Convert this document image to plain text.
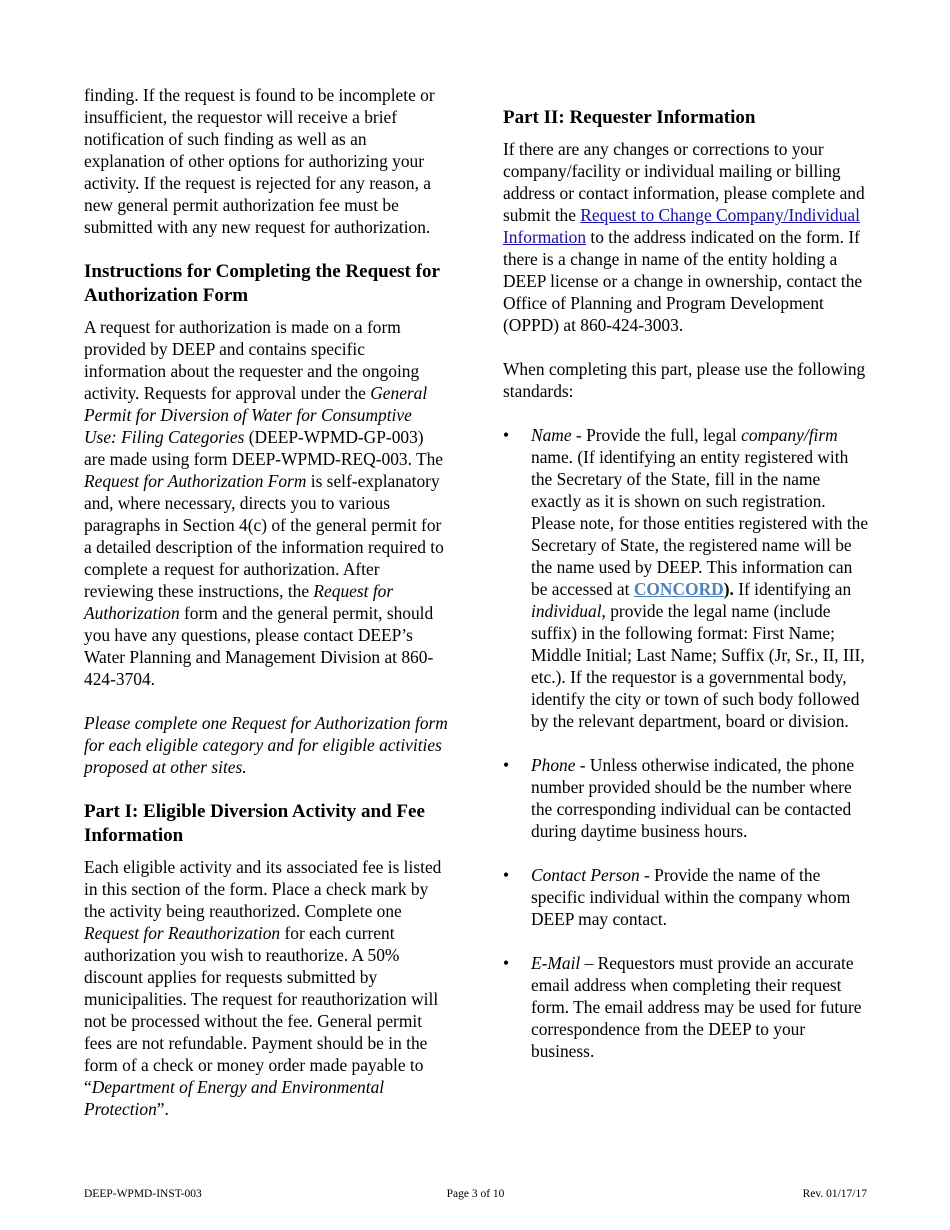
finding. If the request is found to be incomplete or insufficient, the requestor will receive a brief notification of such finding as well as an explanation of other options for authorizing your activity. If the request is rejected for any reason, a new general permit authorization fee must be submitted with any new request for authorization.

Instructions for Completing the Request for Authorization Form

A request for authorization is made on a form provided by DEEP and contains specific information about the requester and the ongoing activity. Requests for approval under the General Permit for Diversion of Water for Consumptive Use: Filing Categories (DEEP-WPMD-GP-003) are made using form DEEP-WPMD-REQ-003. The Request for Authorization Form is self-explanatory and, where necessary, directs you to various paragraphs in Section 4(c) of the general permit for a detailed description of the information required to complete a request for authorization. After reviewing these instructions, the Request for Authorization form and the general permit, should you have any questions, please contact DEEP’s Water Planning and Management Division at 860-424-3704.

Please complete one Request for Authorization form for each eligible category and for eligible activities proposed at other sites.

Part I: Eligible Diversion Activity and Fee Information

Each eligible activity and its associated fee is listed in this section of the form. Place a check mark by the activity being reauthorized. Complete one Request for Reauthorization for each current authorization you wish to reauthorize. A 50% discount applies for requests submitted by municipalities. The request for reauthorization will not be processed without the fee. General permit fees are not refundable. Payment should be in the form of a check or money order made payable to “Department of Energy and Environmental Protection”.

Part II: Requester Information

If there are any changes or corrections to your company/facility or individual mailing or billing address or contact information, please complete and submit the Request to Change Company/Individual Information to the address indicated on the form. If there is a change in name of the entity holding a DEEP license or a change in ownership, contact the Office of Planning and Program Development (OPPD) at 860-424-3003.

When completing this part, please use the following standards:

• Name - Provide the full, legal company/firm name. (If identifying an entity registered with the Secretary of the State, fill in the name exactly as it is shown on such registration. Please note, for those entities registered with the Secretary of State, the registered name will be the name used by DEEP. This information can be accessed at CONCORD). If identifying an individual, provide the legal name (include suffix) in the following format: First Name; Middle Initial; Last Name; Suffix (Jr, Sr., II, III, etc.). If the requestor is a governmental body, identify the city or town of such body followed by the relevant department, board or division.
• Phone - Unless otherwise indicated, the phone number provided should be the number where the corresponding individual can be contacted during daytime business hours.
• Contact Person - Provide the name of the specific individual within the company whom DEEP may contact.
• E-Mail – Requestors must provide an accurate email address when completing their request form. The email address may be used for future correspondence from the DEEP to your business.
DEEP-WPMD-INST-003	Page 3 of 10	Rev. 01/17/17
